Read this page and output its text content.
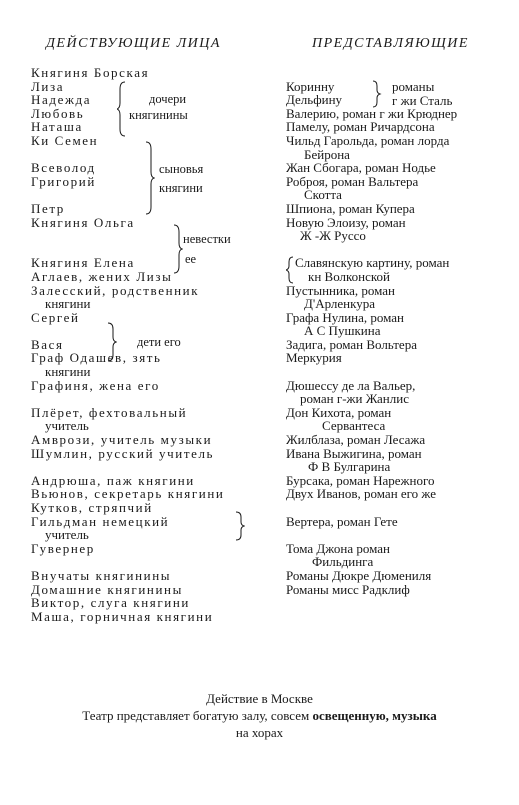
ДЕЙСТВУЮЩИЕ ЛИЦА	ПРЕДСТАВЛЯЮЩИЕ
Княгиня Борская
Лиза
Надежда
Любовь
Наташа
Ки Семен
Всеволод
Григорий
Петр
Княгиня Ольга
Княгиня Елена
Аглаев, жених Лизы
Залесский, родственник
княгини
Сергей
Вася
Граф Одашев, зять
княгини
Графиня, жена его
Плёрет, фехтовальный
учитель
Амврози, учитель музыки
Шумлин, русский учитель
Андрюша, паж княгини
Вьюнов, секретарь княгини
Кутков, стряпчий
Гильдман немецкий
учитель
Гувернер
Внучаты княгинины
Домашние княгинины
Виктор, слуга княгини
Маша, горничная княгини
дочери
княгинины
сыновья
княгини
невестки
ее
дети его
Коринну
Дельфину
Валерию, роман г жи Крюднер
Памелу, роман Ричардсона
Чильд Гарольда, роман лорда
Бейрона
Жан Сбогара, роман Нодье
Роброя, роман Вальтера
Скотта
Шпиона, роман Купера
Новую Элоизу, роман
Ж -Ж Руссо
Славянскую картину, роман
кн Волконской
Пустынника, роман
Д'Арленкура
Графа Нулина, роман
А С Пушкина
Задига, роман Вольтера
Меркурия
Дюшессу де ла Вальер,
роман г-жи Жанлис
Дон Кихота, роман
Сервантеса
Жилблаза, роман Лесажа
Ивана Выжигина, роман
Ф В Булгарина
Бурсака, роман Нарежного
Двух Иванов, роман его же
Вертера, роман Гете
Тома Джона роман
Фильдинга
Романы Дюкре Дюмениля
Романы мисс Радклиф
романы
г жи Сталь
Действие в Москве
Театр представляет богатую залу, совсем освещенную, музыка
на хорах
